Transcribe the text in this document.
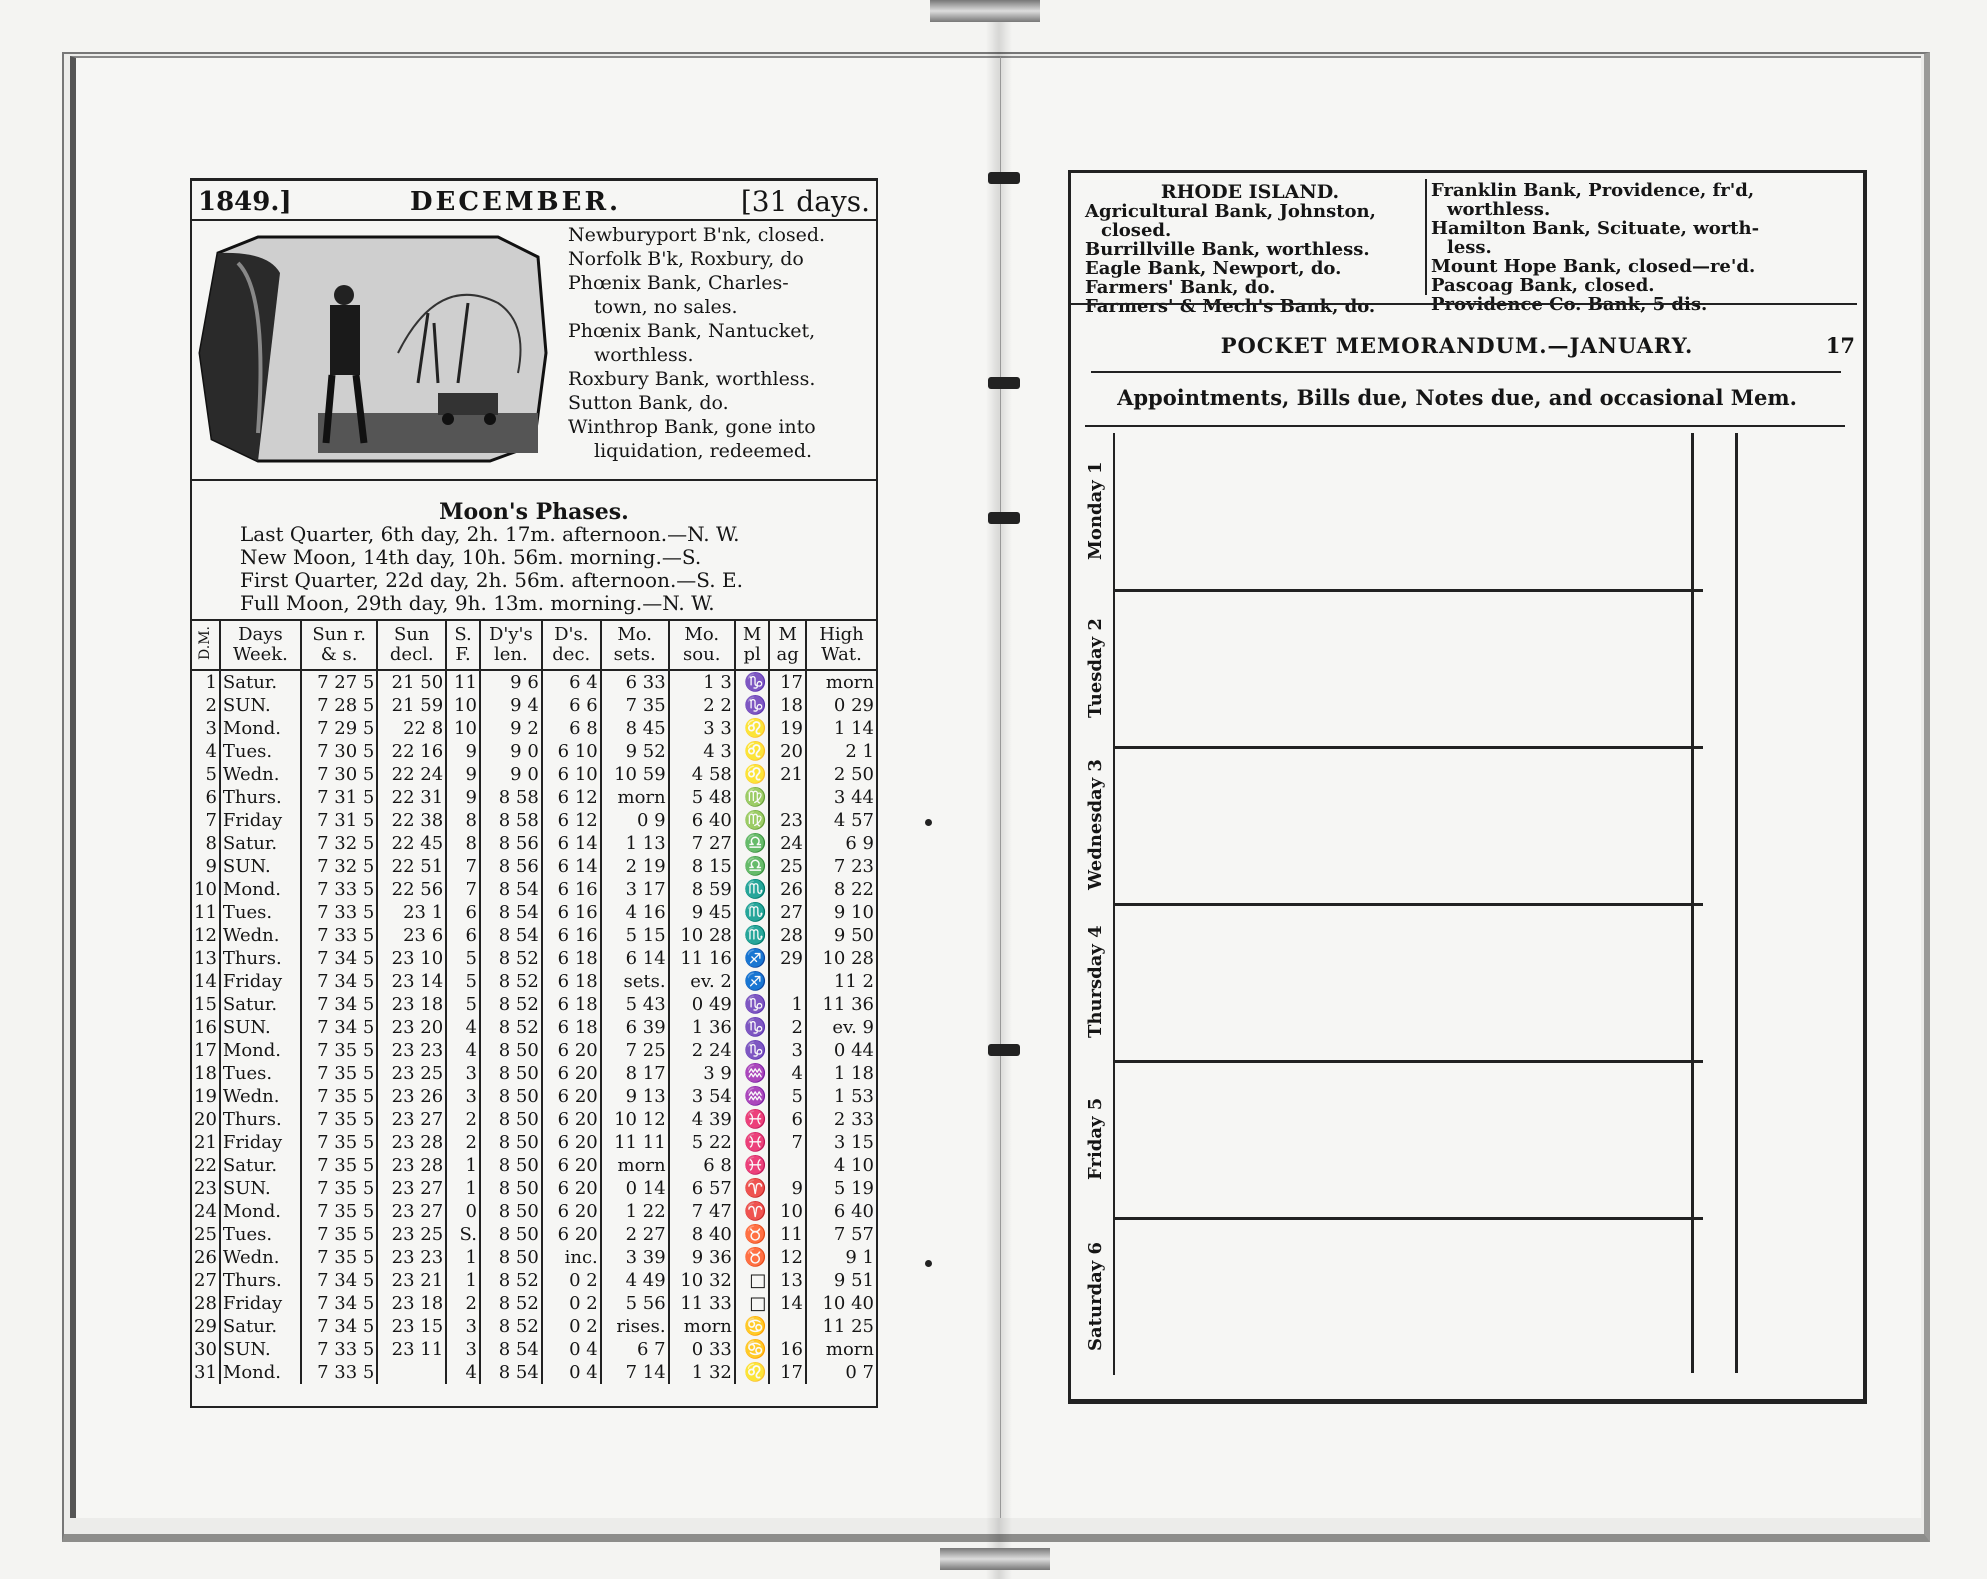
1849.]	DECEMBER.	[31 days.
Newburyport B'nk, closed.
Norfolk B'k, Roxbury, do
Phœnix Bank, Charles-
town, no sales.
Phœnix Bank, Nantucket,
worthless.
Roxbury Bank, worthless.
Sutton Bank, do.
Winthrop Bank, gone into
liquidation, redeemed.
Moon's Phases.
Last Quarter, 6th day, 2h. 17m. afternoon.—N. W.
New Moon, 14th day, 10h. 56m. morning.—S.
First Quarter, 22d day, 2h. 56m. afternoon.—S. E.
Full Moon, 29th day, 9h. 13m. morning.—N. W.
D.M.	Days Week.	Sun r. & s.	Sun decl.	S. F.	D'y's len.	D's. dec.	Mo. sets.	Mo. sou.	M pl	M ag	High Wat.
1	Satur.	7 27 5	21 50	11	9 6	6 4	6 33	1 3	♑	17	morn
2	SUN.	7 28 5	21 59	10	9 4	6 6	7 35	2 2	♑	18	0 29
3	Mond.	7 29 5	22 8	10	9 2	6 8	8 45	3 3	♌	19	1 14
4	Tues.	7 30 5	22 16	9	9 0	6 10	9 52	4 3	♌	20	2 1
5	Wedn.	7 30 5	22 24	9	9 0	6 10	10 59	4 58	♌	21	2 50
6	Thurs.	7 31 5	22 31	9	8 58	6 12	morn	5 48	♍		3 44
7	Friday	7 31 5	22 38	8	8 58	6 12	0 9	6 40	♍	23	4 57
8	Satur.	7 32 5	22 45	8	8 56	6 14	1 13	7 27	♎	24	6 9
9	SUN.	7 32 5	22 51	7	8 56	6 14	2 19	8 15	♎	25	7 23
10	Mond.	7 33 5	22 56	7	8 54	6 16	3 17	8 59	♏	26	8 22
11	Tues.	7 33 5	23 1	6	8 54	6 16	4 16	9 45	♏	27	9 10
12	Wedn.	7 33 5	23 6	6	8 54	6 16	5 15	10 28	♏	28	9 50
13	Thurs.	7 34 5	23 10	5	8 52	6 18	6 14	11 16	♐	29	10 28
14	Friday	7 34 5	23 14	5	8 52	6 18	sets.	ev. 2	♐		11 2
15	Satur.	7 34 5	23 18	5	8 52	6 18	5 43	0 49	♑	1	11 36
16	SUN.	7 34 5	23 20	4	8 52	6 18	6 39	1 36	♑	2	ev. 9
17	Mond.	7 35 5	23 23	4	8 50	6 20	7 25	2 24	♑	3	0 44
18	Tues.	7 35 5	23 25	3	8 50	6 20	8 17	3 9	♒	4	1 18
19	Wedn.	7 35 5	23 26	3	8 50	6 20	9 13	3 54	♒	5	1 53
20	Thurs.	7 35 5	23 27	2	8 50	6 20	10 12	4 39	♓	6	2 33
21	Friday	7 35 5	23 28	2	8 50	6 20	11 11	5 22	♓	7	3 15
22	Satur.	7 35 5	23 28	1	8 50	6 20	morn	6 8	♓		4 10
23	SUN.	7 35 5	23 27	1	8 50	6 20	0 14	6 57	♈	9	5 19
24	Mond.	7 35 5	23 27	0	8 50	6 20	1 22	7 47	♈	10	6 40
25	Tues.	7 35 5	23 25	S.	8 50	6 20	2 27	8 40	♉	11	7 57
26	Wedn.	7 35 5	23 23	1	8 50	inc.	3 39	9 36	♉	12	9 1
27	Thurs.	7 34 5	23 21	1	8 52	0 2	4 49	10 32	□	13	9 51
28	Friday	7 34 5	23 18	2	8 52	0 2	5 56	11 33	□	14	10 40
29	Satur.	7 34 5	23 15	3	8 52	0 2	rises.	morn	♋		11 25
30	SUN.	7 33 5	23 11	3	8 54	0 4	6 7	0 33	♋	16	morn
31	Mond.	7 33 5		4	8 54	0 4	7 14	1 32	♌	17	0 7
RHODE ISLAND.
Agricultural Bank, Johnston,
closed.
Burrillville Bank, worthless.
Eagle Bank, Newport, do.
Farmers' Bank, do.
Farmers' & Mech's Bank, do.
Franklin Bank, Providence, fr'd,
worthless.
Hamilton Bank, Scituate, worth-
less.
Mount Hope Bank, closed—re'd.
Pascoag Bank, closed.
Providence Co. Bank, 5 dis.
POCKET MEMORANDUM.—JANUARY.	17
Appointments, Bills due, Notes due, and occasional Mem.
Monday 1
Tuesday 2
Wednesday 3
Thursday 4
Friday 5
Saturday 6
